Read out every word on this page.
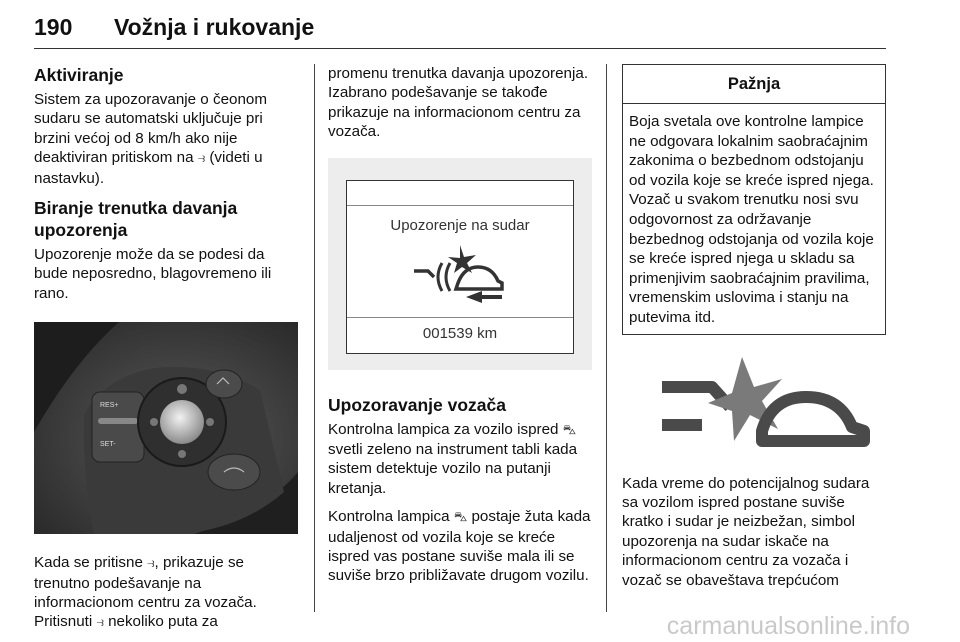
190 Vožnja i rukovanje
Aktiviranje

Sistem za upozoravanje o čeonom sudaru se automatski uključuje pri brzini većoj od 8 km/h ako nije deaktiviran pritiskom na ⥽ (videti u nastavku).

Biranje trenutka davanja upozorenja

Upozorenje može da se podesi da bude neposredno, blagovremeno ili rano.

RES+
SET-

Kada se pritisne ⥽, prikazuje se trenutno podešavanje na informacionom centru za vozača. Pritisnuti ⥽ nekoliko puta za

promenu trenutka davanja upozorenja. Izabrano podešavanje se takođe prikazuje na informacionom centru za vozača.

Upozorenje na sudar
001539 km
Upozoravanje vozača

Kontrolna lampica za vozilo ispred ⛍ svetli zeleno na instrument tabli kada sistem detektuje vozilo na putanji kretanja.

Kontrolna lampica ⛍ postaje žuta kada udaljenost od vozila koje se kreće ispred vas postane suviše mala ili se suviše brzo približavate drugom vozilu.

Pažnja
Boja svetala ove kontrolne lampice ne odgovara lokalnim saobraćajnim zakonima o bezbednom odstojanju od vozila koje se kreće ispred njega. Vozač u svakom trenutku nosi svu odgovornost za održavanje bezbednog odstojanja od vozila koje se kreće ispred njega u skladu sa primenjivim saobraćajnim pravilima, vremenskim uslovima i stanju na putevima itd.

Kada vreme do potencijalnog sudara sa vozilom ispred postane suviše kratko i sudar je neizbežan, simbol upozorenja na sudar iskače na informacionom centru za vozača i vozač se obaveštava trepćućom

carmanualsonline.info
